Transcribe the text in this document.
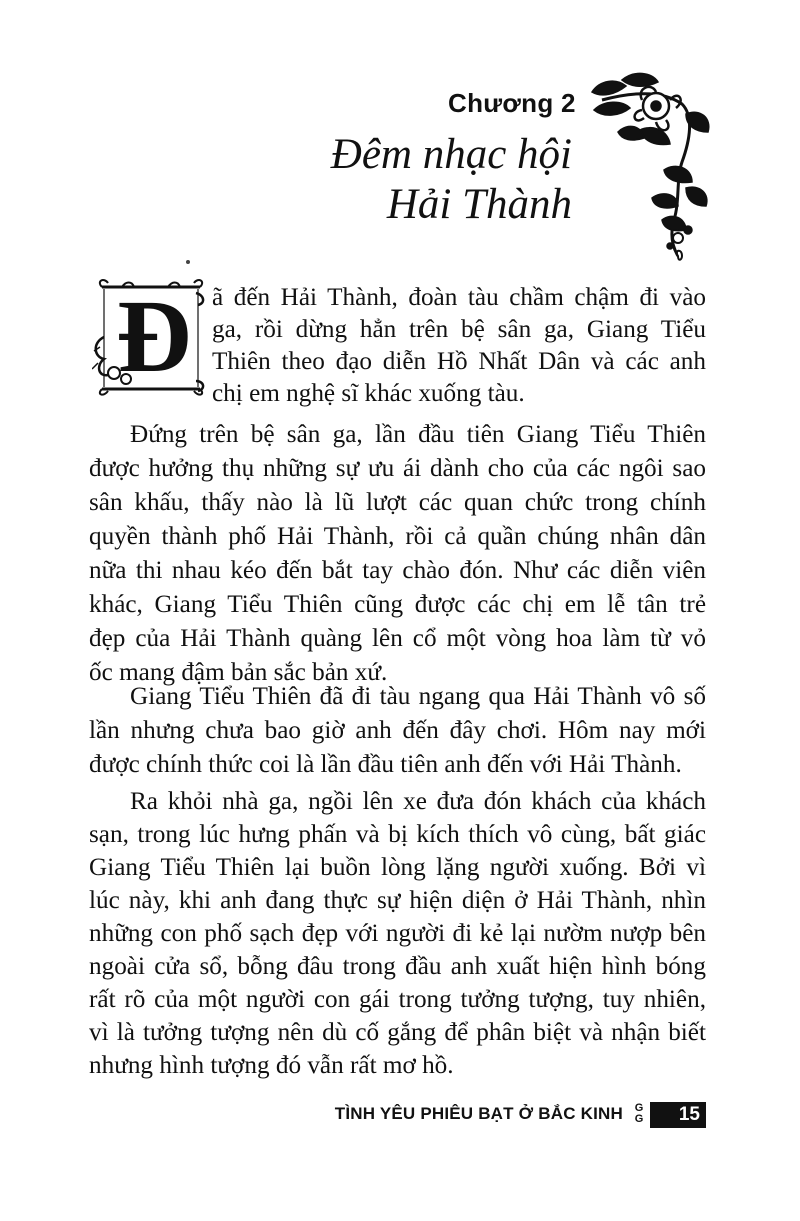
Chương 2
Đêm nhạc hội
Hải Thành
Đ ã đến Hải Thành, đoàn tàu chầm chậm đi vào
ga, rồi dừng hẳn trên bệ sân ga, Giang Tiểu
Thiên theo đạo diễn Hồ Nhất Dân và các anh
chị em nghệ sĩ khác xuống tàu.
Đứng trên bệ sân ga, lần đầu tiên Giang Tiểu Thiên
được hưởng thụ những sự ưu ái dành cho của các ngôi sao
sân khấu, thấy nào là lũ lượt các quan chức trong chính
quyền thành phố Hải Thành, rồi cả quần chúng nhân dân
nữa thi nhau kéo đến bắt tay chào đón. Như các diễn viên
khác, Giang Tiểu Thiên cũng được các chị em lễ tân trẻ
đẹp của Hải Thành quàng lên cổ một vòng hoa làm từ vỏ
ốc mang đậm bản sắc bản xứ.
Giang Tiểu Thiên đã đi tàu ngang qua Hải Thành vô số
lần nhưng chưa bao giờ anh đến đây chơi. Hôm nay mới
được chính thức coi là lần đầu tiên anh đến với Hải Thành.
Ra khỏi nhà ga, ngồi lên xe đưa đón khách của khách
sạn, trong lúc hưng phấn và bị kích thích vô cùng, bất giác
Giang Tiểu Thiên lại buồn lòng lặng người xuống. Bởi vì
lúc này, khi anh đang thực sự hiện diện ở Hải Thành, nhìn
những con phố sạch đẹp với người đi kẻ lại nườm nượp bên
ngoài cửa sổ, bỗng đâu trong đầu anh xuất hiện hình bóng
rất rõ của một người con gái trong tưởng tượng, tuy nhiên,
vì là tưởng tượng nên dù cố gắng để phân biệt và nhận biết
nhưng hình tượng đó vẫn rất mơ hồ.
TÌNH YÊU PHIÊU BẠT Ở BẮC KINH G
G	15
